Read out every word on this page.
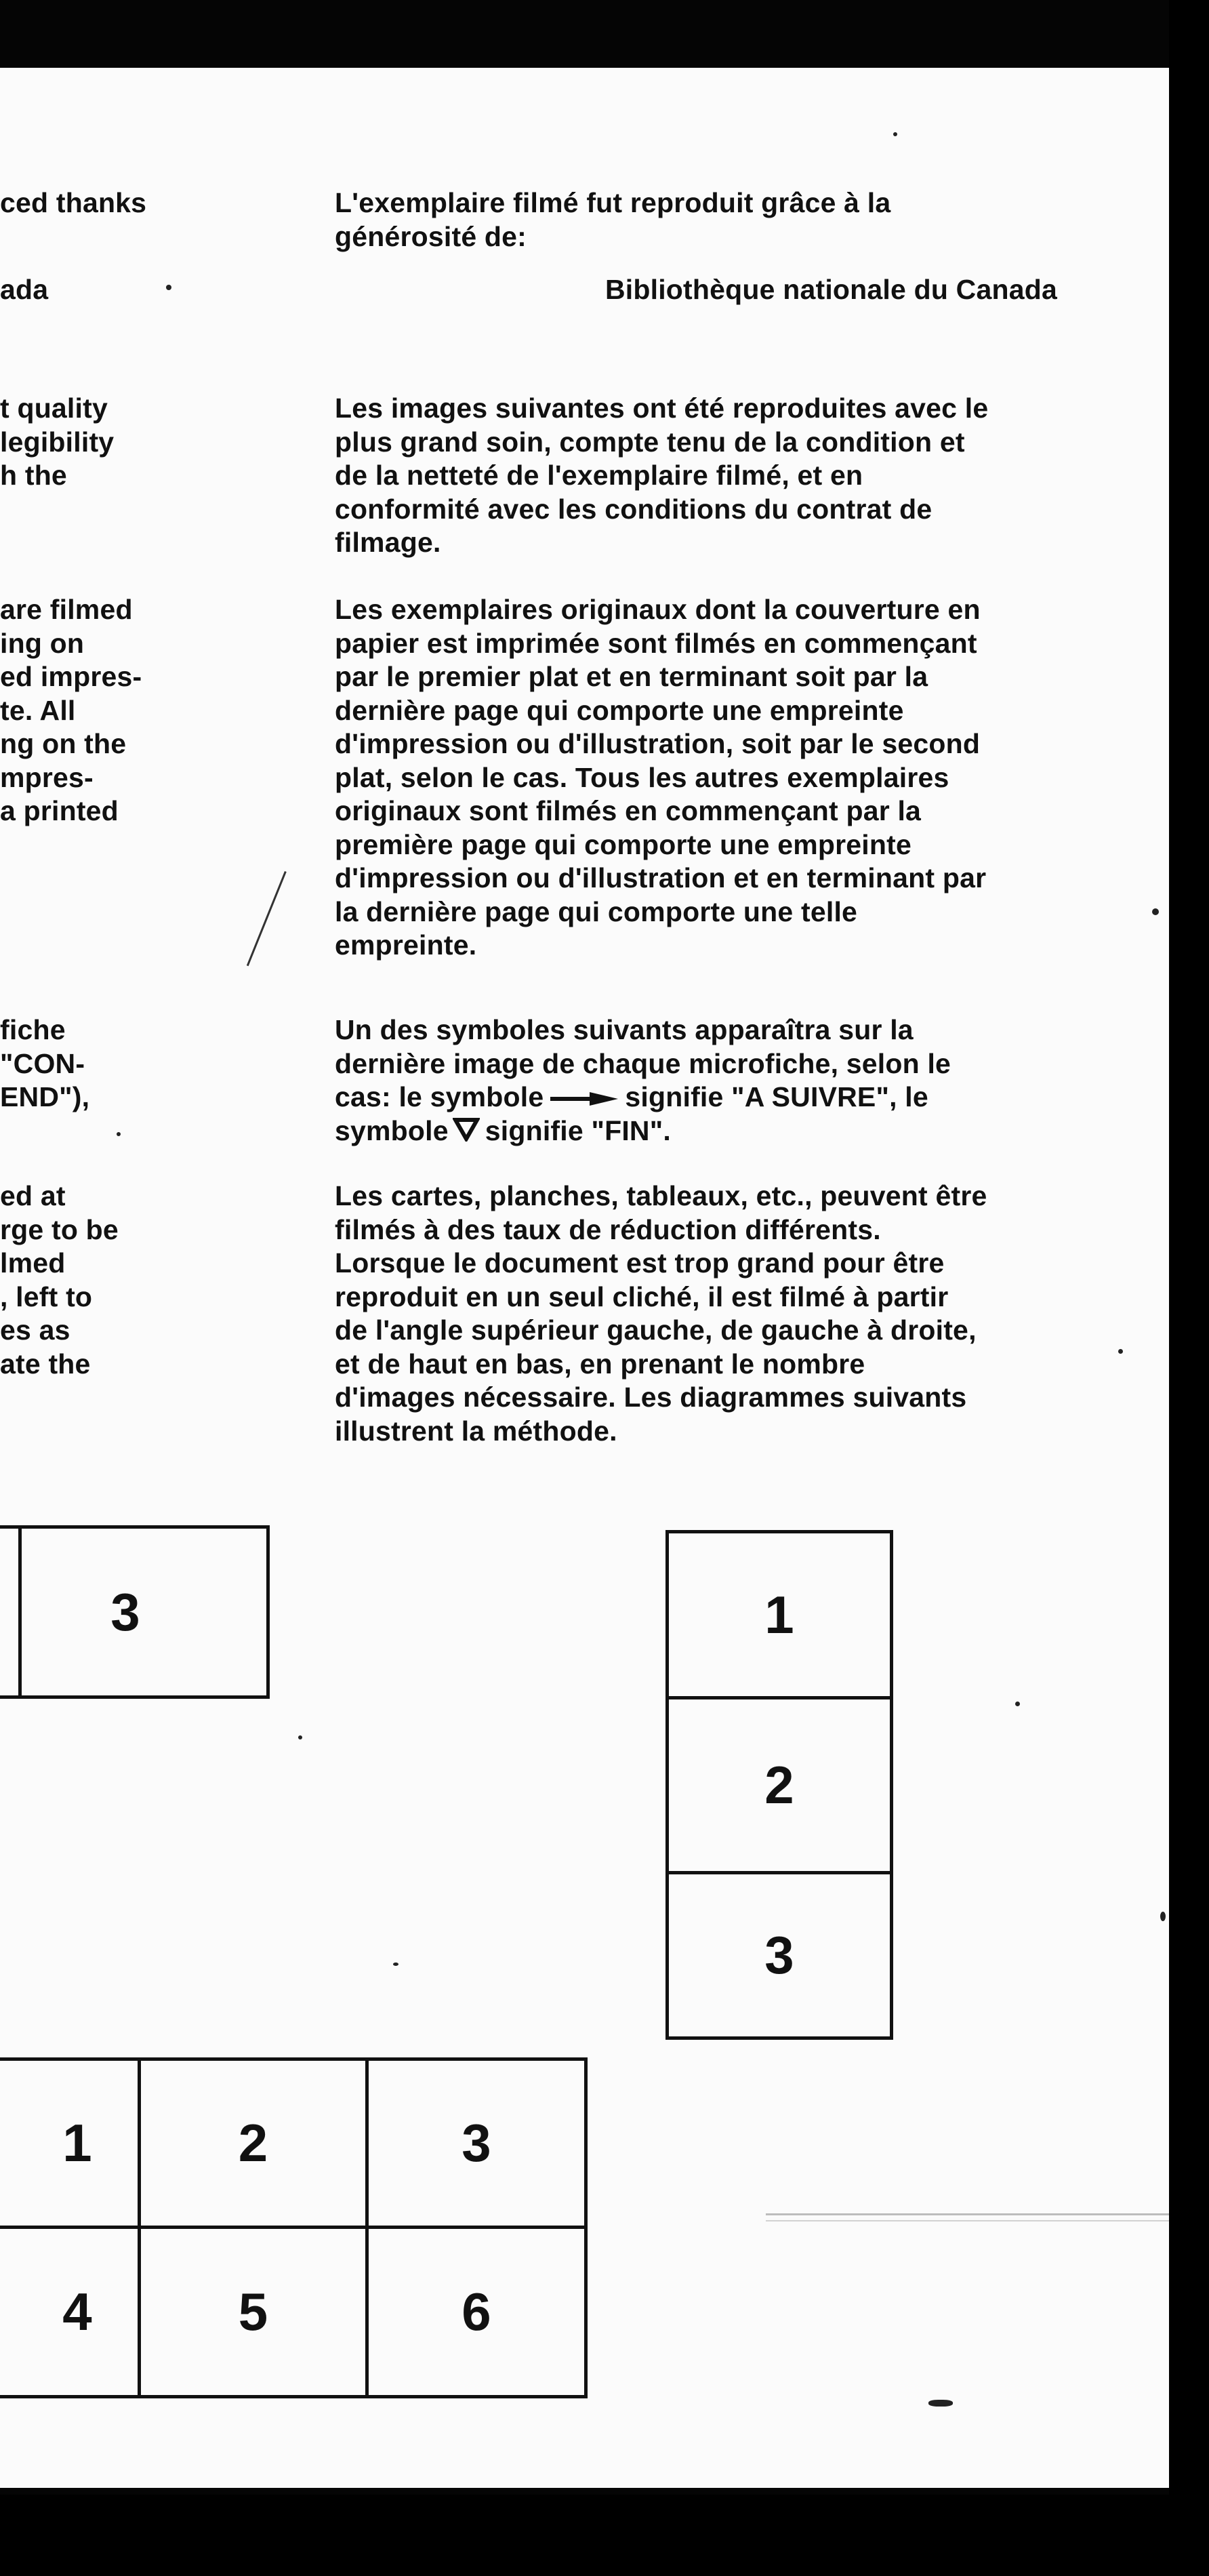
ced thanks
ada
t quality
legibility
h the
are filmed
ing on
ed impres-
te. All
ng on the
mpres-
a printed
fiche
"CON-
END"),
ed at
rge to be
lmed
, left to
es as
ate the
L'exemplaire filmé fut reproduit grâce à la
générosité de:
Bibliothèque nationale du Canada
Les images suivantes ont été reproduites avec le
plus grand soin, compte tenu de la condition et
de la netteté de l'exemplaire filmé, et en
conformité avec les conditions du contrat de
filmage.
Les exemplaires originaux dont la couverture en
papier est imprimée sont filmés en commençant
par le premier plat et en terminant soit par la
dernière page qui comporte une empreinte
d'impression ou d'illustration, soit par le second
plat, selon le cas. Tous les autres exemplaires
originaux sont filmés en commençant par la
première page qui comporte une empreinte
d'impression ou d'illustration et en terminant par
la dernière page qui comporte une telle
empreinte.
Un des symboles suivants apparaîtra sur la
dernière image de chaque microfiche, selon le
cas: le symbole	signifie "A SUIVRE", le
symbole signifie "FIN".
Les cartes, planches, tableaux, etc., peuvent être
filmés à des taux de réduction différents.
Lorsque le document est trop grand pour être
reproduit en un seul cliché, il est filmé à partir
de l'angle supérieur gauche, de gauche à droite,
et de haut en bas, en prenant le nombre
d'images nécessaire. Les diagrammes suivants
illustrent la méthode.
3	1
2
3
1	2	3
4	5	6
